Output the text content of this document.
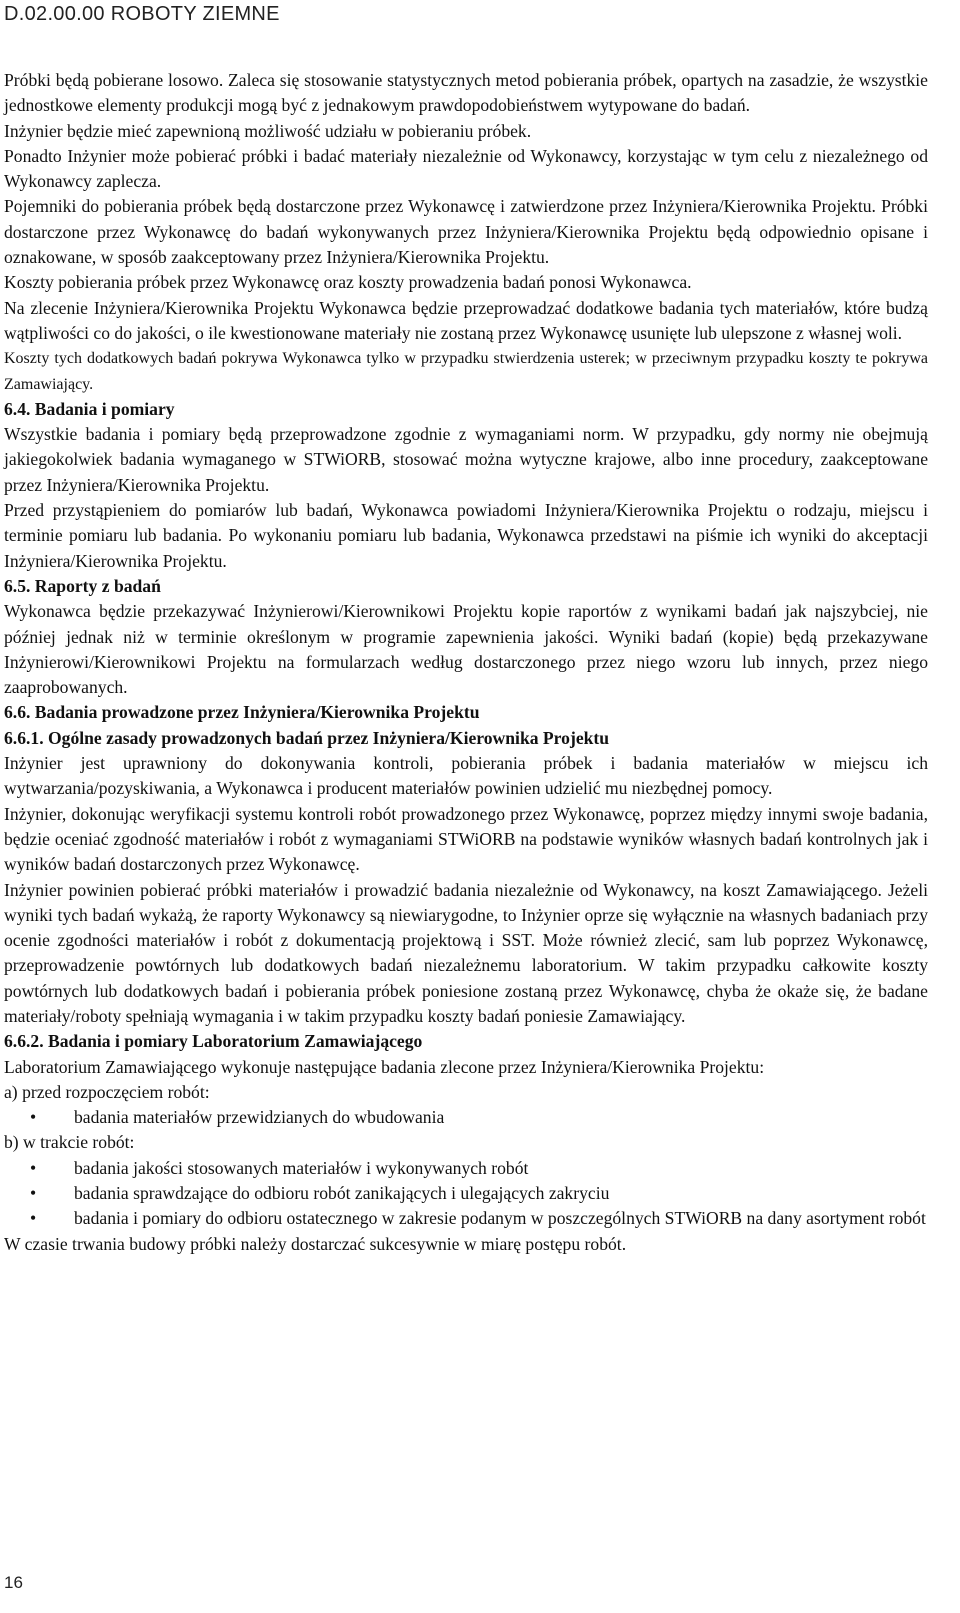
D.02.00.00 ROBOTY ZIEMNE

Próbki będą pobierane losowo. Zaleca się stosowanie statystycznych metod pobierania próbek, opartych na zasadzie, że wszystkie jednostkowe elementy produkcji mogą być z jednakowym prawdopodobieństwem wytypowane do badań.

Inżynier będzie mieć zapewnioną możliwość udziału w pobieraniu próbek.

Ponadto Inżynier może pobierać próbki i badać materiały niezależnie od Wykonawcy, korzystając w tym celu z niezależnego od Wykonawcy zaplecza.

Pojemniki do pobierania próbek będą dostarczone przez Wykonawcę i zatwierdzone przez Inżyniera/Kierownika Projektu. Próbki dostarczone przez Wykonawcę do badań wykonywanych przez Inżyniera/Kierownika Projektu będą odpowiednio opisane i oznakowane, w sposób zaakceptowany przez Inżyniera/Kierownika Projektu.

Koszty pobierania próbek przez Wykonawcę oraz koszty prowadzenia badań ponosi Wykonawca.

Na zlecenie Inżyniera/Kierownika Projektu Wykonawca będzie przeprowadzać dodatkowe badania tych materiałów, które budzą wątpliwości co do jakości, o ile kwestionowane materiały nie zostaną przez Wykonawcę usunięte lub ulepszone z własnej woli.

Koszty tych dodatkowych badań pokrywa Wykonawca tylko w przypadku stwierdzenia usterek; w przeciwnym przypadku koszty te pokrywa Zamawiający.

6.4. Badania i pomiary

Wszystkie badania i pomiary będą przeprowadzone zgodnie z wymaganiami norm. W przypadku, gdy normy nie obejmują jakiegokolwiek badania wymaganego w STWiORB, stosować można wytyczne krajowe, albo inne procedury, zaakceptowane przez Inżyniera/Kierownika Projektu.

Przed przystąpieniem do pomiarów lub badań, Wykonawca powiadomi Inżyniera/Kierownika Projektu o rodzaju, miejscu i terminie pomiaru lub badania. Po wykonaniu pomiaru lub badania, Wykonawca przedstawi na piśmie ich wyniki do akceptacji Inżyniera/Kierownika Projektu.

6.5. Raporty z badań

Wykonawca będzie przekazywać Inżynierowi/Kierownikowi Projektu kopie raportów z wynikami badań jak najszybciej, nie później jednak niż w terminie określonym w programie zapewnienia jakości. Wyniki badań (kopie) będą przekazywane Inżynierowi/Kierownikowi Projektu na formularzach według dostarczonego przez niego wzoru lub innych, przez niego zaaprobowanych.

6.6. Badania prowadzone przez Inżyniera/Kierownika Projektu
6.6.1. Ogólne zasady prowadzonych badań przez Inżyniera/Kierownika Projektu

Inżynier jest uprawniony do dokonywania kontroli, pobierania próbek i badania materiałów w miejscu ich wytwarzania/pozyskiwania, a Wykonawca i producent materiałów powinien udzielić mu niezbędnej pomocy.

Inżynier, dokonując weryfikacji systemu kontroli robót prowadzonego przez Wykonawcę, poprzez między innymi swoje badania, będzie oceniać zgodność materiałów i robót z wymaganiami STWiORB na podstawie wyników własnych badań kontrolnych jak i wyników badań dostarczonych przez Wykonawcę.

Inżynier powinien pobierać próbki materiałów i prowadzić badania niezależnie od Wykonawcy, na koszt Zamawiającego. Jeżeli wyniki tych badań wykażą, że raporty Wykonawcy są niewiarygodne, to Inżynier oprze się wyłącznie na własnych badaniach przy ocenie zgodności materiałów i robót z dokumentacją projektową i SST. Może również zlecić, sam lub poprzez Wykonawcę, przeprowadzenie powtórnych lub dodatkowych badań niezależnemu laboratorium. W takim przypadku całkowite koszty powtórnych lub dodatkowych badań i pobierania próbek poniesione zostaną przez Wykonawcę, chyba że okaże się, że badane materiały/roboty spełniają wymagania i w takim przypadku koszty badań poniesie Zamawiający.

6.6.2. Badania i pomiary Laboratorium Zamawiającego

Laboratorium Zamawiającego wykonuje następujące badania zlecone przez Inżyniera/Kierownika Projektu:

a) przed rozpoczęciem robót:

• badania materiałów przewidzianych do wbudowania

b) w trakcie robót:

• badania jakości stosowanych materiałów i wykonywanych robót
• badania sprawdzające do odbioru robót zanikających i ulegających zakryciu
• badania i pomiary do odbioru ostatecznego w zakresie podanym w poszczególnych STWiORB na dany asortyment robót

W czasie trwania budowy próbki należy dostarczać sukcesywnie w miarę postępu robót.

16
